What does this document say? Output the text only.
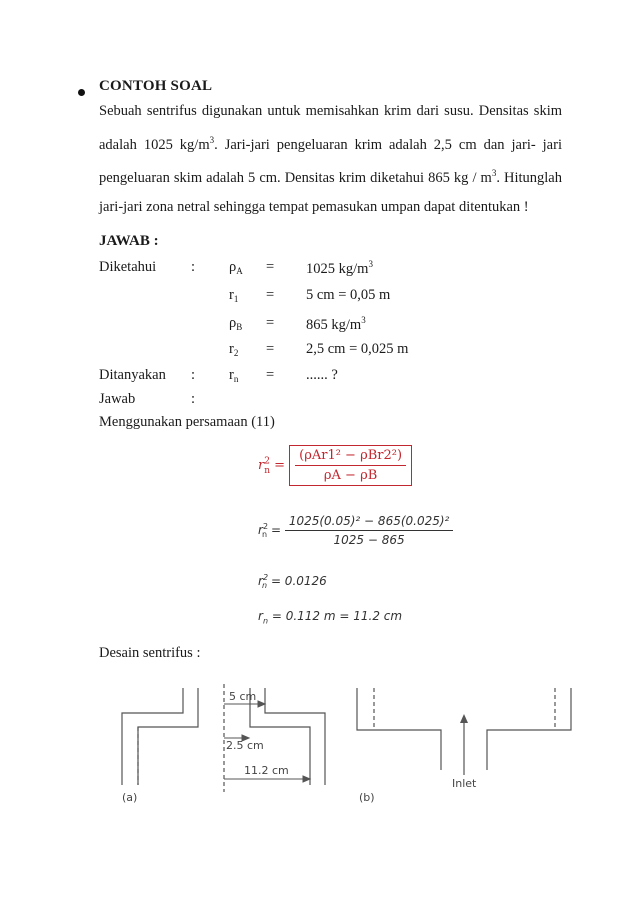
CONTOH SOAL
Sebuah sentrifus digunakan untuk memisahkan krim dari susu. Densitas skim adalah 1025 $kg/m^3$. Jari-jari pengeluaran krim adalah 2,5 cm dan jari- jari pengeluaran skim adalah 5 cm. Densitas krim diketahui 865 kg / $m^3$. Hitunglah jari-jari zona netral sehingga tempat pemasukan umpan dapat ditentukan !
JAWAB :
Diketahui : $\rho_A = 1025$ $kg/m^3$
$r_1 = 5$ cm = 0,05 m
$\rho_B = 865$ $kg/m^3$
$r_2 = 2,5$ cm = 0,025 m
Ditanyakan : $r_n$ = ...... ?
Jawab	:
Menggunakan persamaan (11)
$r^2$
$n = \frac{\text{(ρAr1² − ρBr2²)}}{\rho A - \rho B}$
$r^2_n = \frac{\text{1025(0.05)² − 865(0.025)²}}{1025 - 865}$
$r^2_n = 0.0126$
$r_n = 0.112$ m = 11.2 cm
Desain sentrifus :
5 cm
2.5 cm
11.2 cm
(a)	(b)
Inlet
